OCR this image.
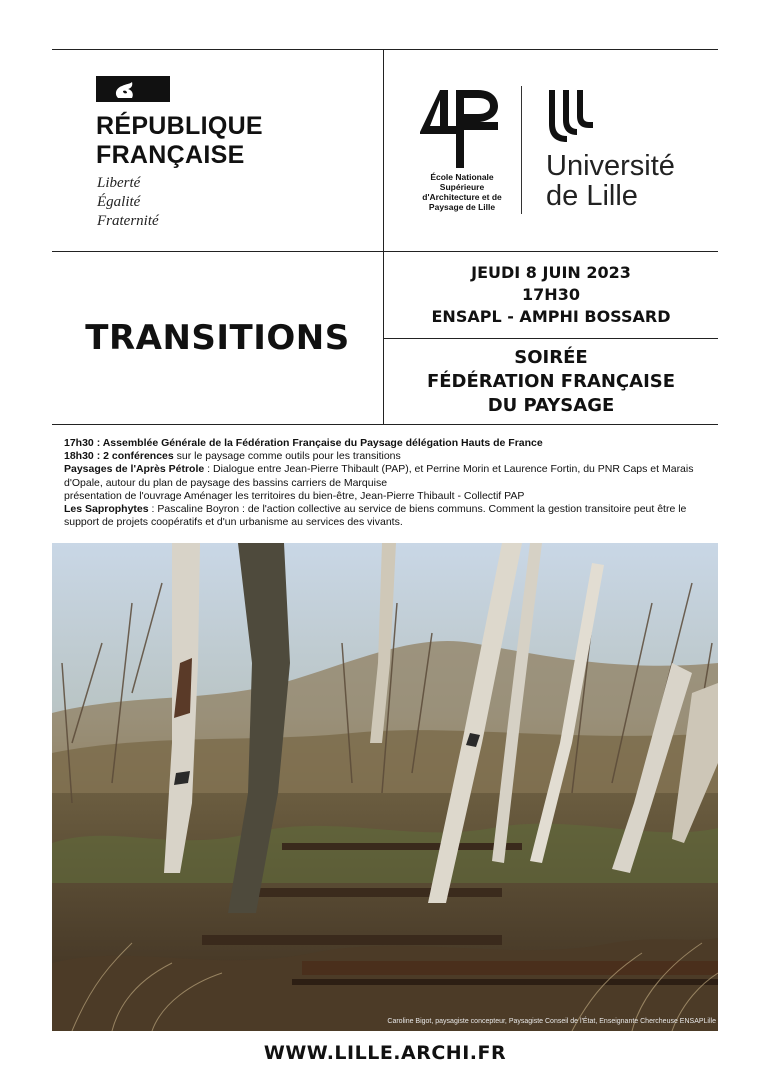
RÉPUBLIQUE
FRANÇAISE
Liberté
Égalité
Fraternité
École Nationale
Supérieure
d'Architecture et de
Paysage de Lille
Université
de Lille
TRANSITIONS
JEUDI 8 JUIN 2023
17H30
ENSAPL - AMPHI BOSSARD
SOIRÉE
FÉDÉRATION FRANÇAISE
DU PAYSAGE

17h30 : Assemblée Générale de la Fédération Française du Paysage délégation Hauts de France

18h30 : 2 conférences sur le paysage comme outils pour les transitions

Paysages de l'Après Pétrole : Dialogue entre Jean-Pierre Thibault (PAP), et Perrine Morin et Laurence Fortin, du PNR Caps et Marais d'Opale, autour du plan de paysage des bassins carriers de Marquise

présentation de l'ouvrage Aménager les territoires du bien-être, Jean-Pierre Thibault - Collectif PAP

Les Saprophytes : Pascaline Boyron : de l'action collective au service de biens communs. Comment la gestion transitoire peut être le support de projets coopératifs et d'un urbanisme au services des vivants.

Caroline Bigot, paysagiste concepteur, Paysagiste Conseil de l'État, Enseignante Chercheuse ENSAPLille
WWW.LILLE.ARCHI.FR
